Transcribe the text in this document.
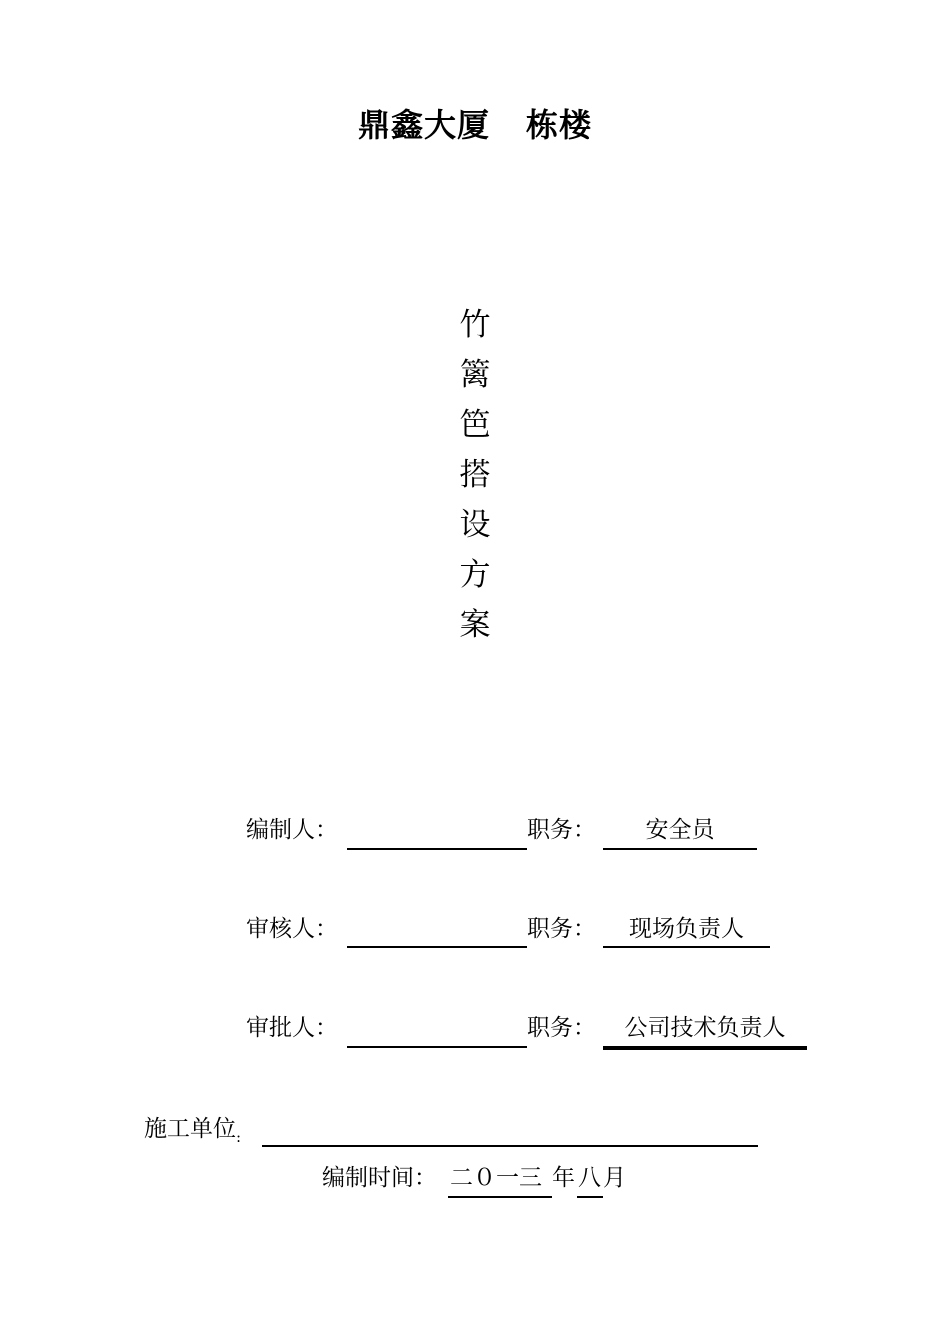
鼎鑫大厦 栋楼
竹
篱
笆
搭
设
方
案
编制人：	职务：	安全员
审核人：	职务：	现场负责人
审批人：	职务：	公司技术负责人
施工单位$_:$
编制时间： 二０一三 年 八 月
